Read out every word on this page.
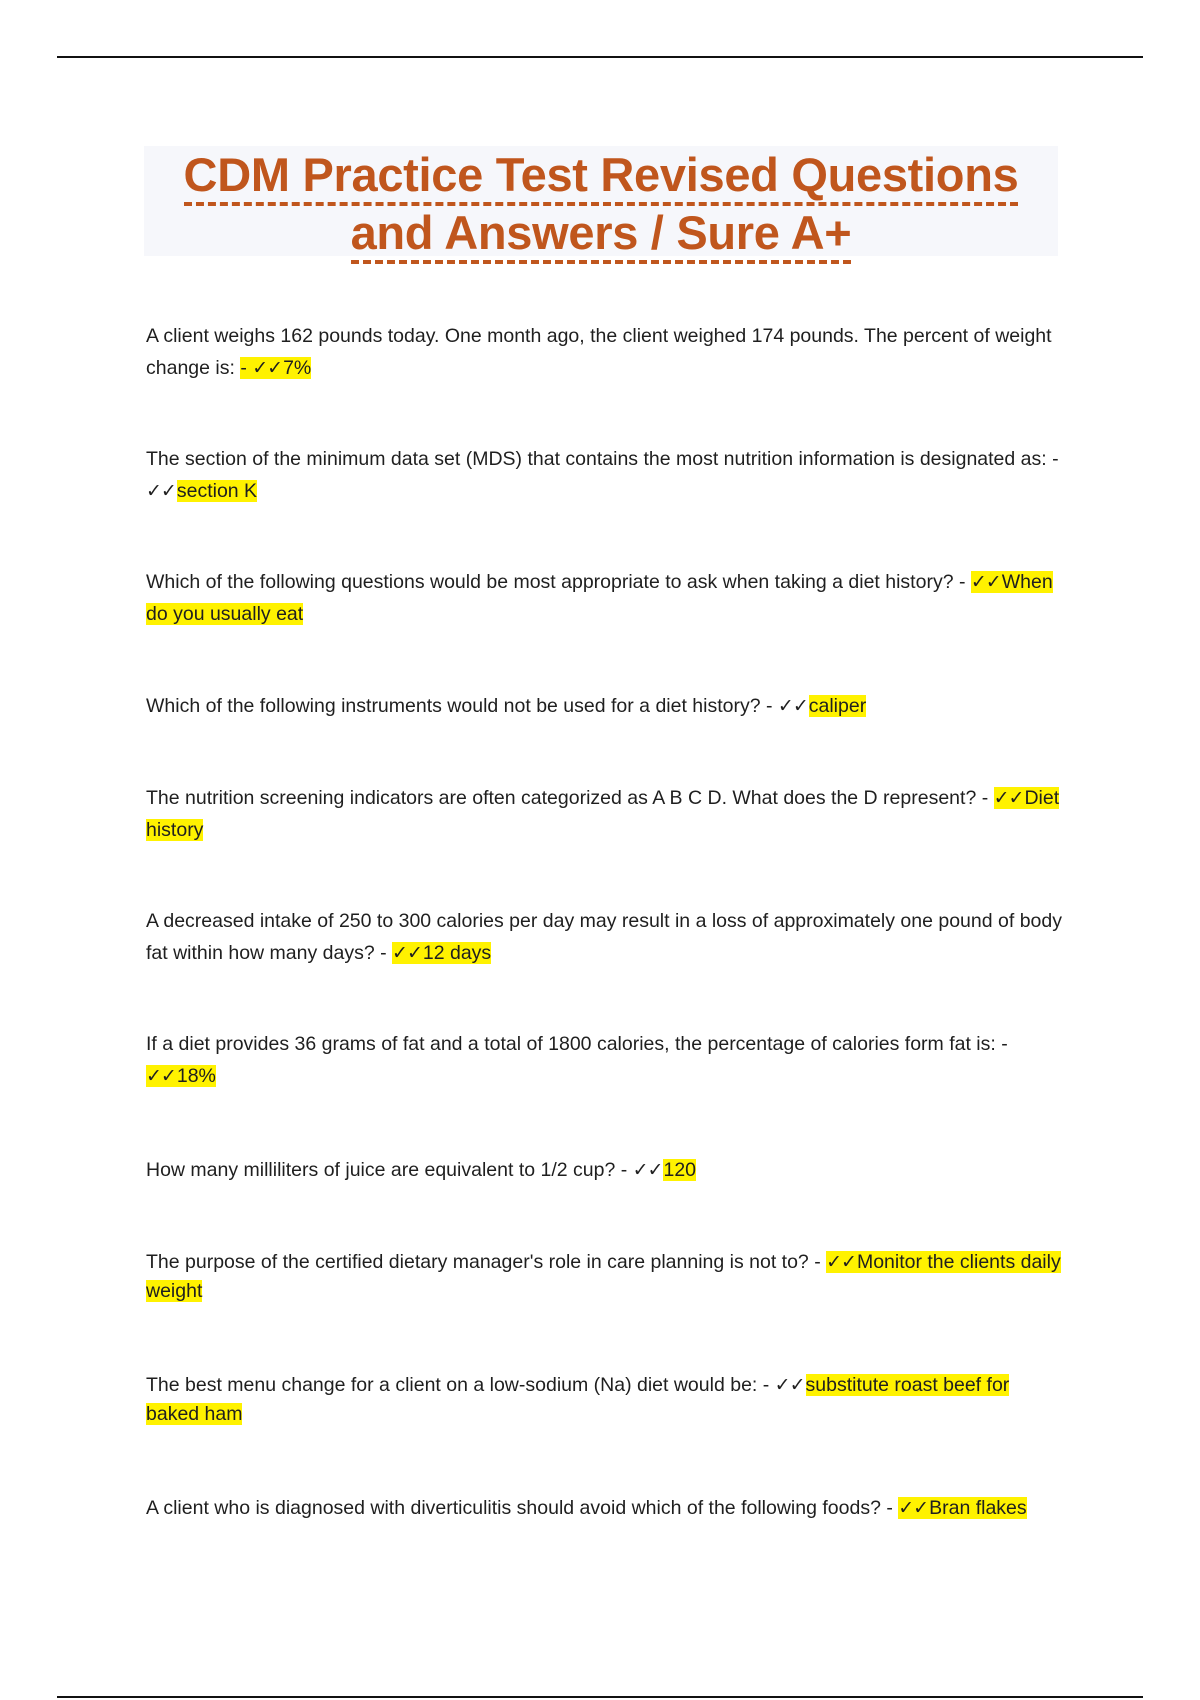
CDM Practice Test Revised Questions
and Answers / Sure A+

A client weighs 162 pounds today. One month ago, the client weighed 174 pounds. The percent of weight change is: - ✓✓7%

The section of the minimum data set (MDS) that contains the most nutrition information is designated as: - ✓✓section K

Which of the following questions would be most appropriate to ask when taking a diet history? - ✓✓When do you usually eat

Which of the following instruments would not be used for a diet history? - ✓✓caliper

The nutrition screening indicators are often categorized as A B C D. What does the D represent? - ✓✓Diet history

A decreased intake of 250 to 300 calories per day may result in a loss of approximately one pound of body fat within how many days? - ✓✓12 days

If a diet provides 36 grams of fat and a total of 1800 calories, the percentage of calories form fat is: - ✓✓18%

How many milliliters of juice are equivalent to 1/2 cup? - ✓✓120

The purpose of the certified dietary manager's role in care planning is not to? - ✓✓Monitor the clients daily weight

The best menu change for a client on a low-sodium (Na) diet would be: - ✓✓substitute roast beef for baked ham

A client who is diagnosed with diverticulitis should avoid which of the following foods? - ✓✓Bran flakes
